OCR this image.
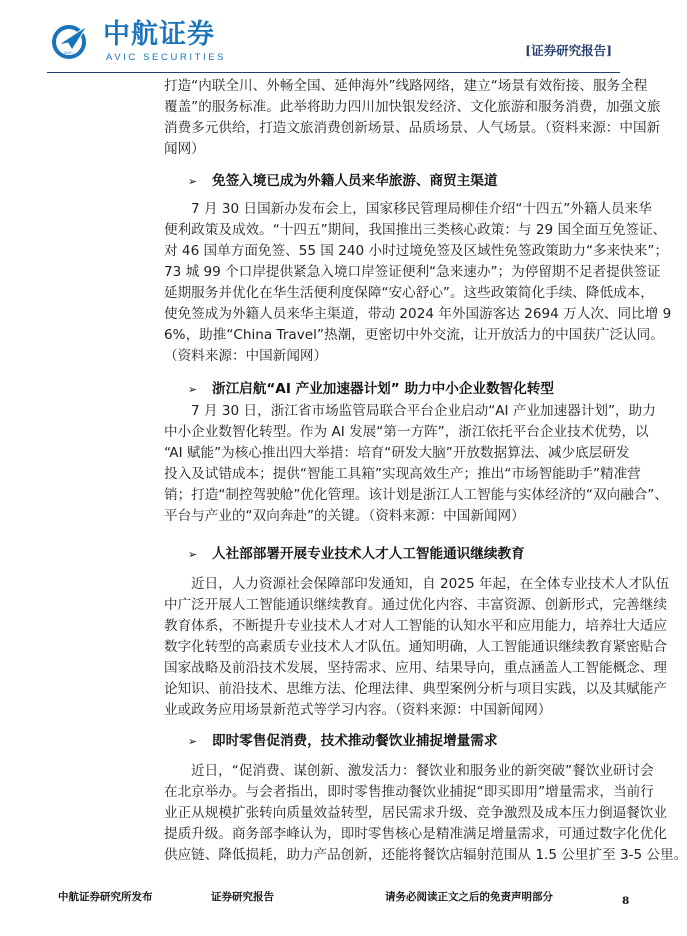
AVIC
中航证券
AVIC SECURITIES	[证券研究报告]
打造“内联全川、外畅全国、延伸海外”线路网络，建立“场景有效衔接、服务全程
覆盖”的服务标准。此举将助力四川加快银发经济、文化旅游和服务消费，加强文旅
消费多元供给，打造文旅消费创新场景、品质场景、人气场景。（资料来源：中国新
闻网）
➢ 免签入境已成为外籍人员来华旅游、商贸主渠道
7 月 30 日国新办发布会上，国家移民管理局柳佳介绍“十四五”外籍人员来华
便利政策及成效。“十四五”期间，我国推出三类核心政策：与 29 国全面互免签证、
对 46 国单方面免签、55 国 240 小时过境免签及区域性免签政策助力“多来快来”；
73 城 99 个口岸提供紧急入境口岸签证便利“急来速办”；为停留期不足者提供签证
延期服务并优化在华生活便利度保障“安心舒心”。这些政策简化手续、降低成本，
使免签成为外籍人员来华主渠道，带动 2024 年外国游客达 2694 万人次、同比增 9
6%，助推“China Travel”热潮，更密切中外交流，让开放活力的中国获广泛认同。
（资料来源：中国新闻网）
➢ 浙江启航“AI 产业加速器计划” 助力中小企业数智化转型
7 月 30 日，浙江省市场监管局联合平台企业启动“AI 产业加速器计划”，助力
中小企业数智化转型。作为 AI 发展“第一方阵”，浙江依托平台企业技术优势，以
“AI 赋能”为核心推出四大举措：培育“研发大脑”开放数据算法、减少底层研发
投入及试错成本；提供“智能工具箱”实现高效生产；推出“市场智能助手”精准营
销；打造“制控驾驶舱”优化管理。该计划是浙江人工智能与实体经济的“双向融合”、
平台与产业的“双向奔赴”的关键。（资料来源：中国新闻网）
➢ 人社部部署开展专业技术人才人工智能通识继续教育
近日，人力资源社会保障部印发通知，自 2025 年起，在全体专业技术人才队伍
中广泛开展人工智能通识继续教育。通过优化内容、丰富资源、创新形式，完善继续
教育体系，不断提升专业技术人才对人工智能的认知水平和应用能力，培养壮大适应
数字化转型的高素质专业技术人才队伍。通知明确，人工智能通识继续教育紧密贴合
国家战略及前沿技术发展，坚持需求、应用、结果导向，重点涵盖人工智能概念、理
论知识、前沿技术、思维方法、伦理法律、典型案例分析与项目实践，以及其赋能产
业或政务应用场景新范式等学习内容。（资料来源：中国新闻网）
➢ 即时零售促消费，技术推动餐饮业捕捉增量需求
近日，“促消费、谋创新、激发活力：餐饮业和服务业的新突破”餐饮业研讨会
在北京举办。与会者指出，即时零售推动餐饮业捕捉“即买即用”增量需求，当前行
业正从规模扩张转向质量效益转型，居民需求升级、竞争激烈及成本压力倒逼餐饮业
提质升级。商务部李峰认为，即时零售核心是精准满足增量需求，可通过数字化优化
供应链、降低损耗，助力产品创新，还能将餐饮店辐射范围从 1.5 公里扩至 3-5 公里。
中航证券研究所发布	证券研究报告	请务必阅读正文之后的免责声明部分	8
